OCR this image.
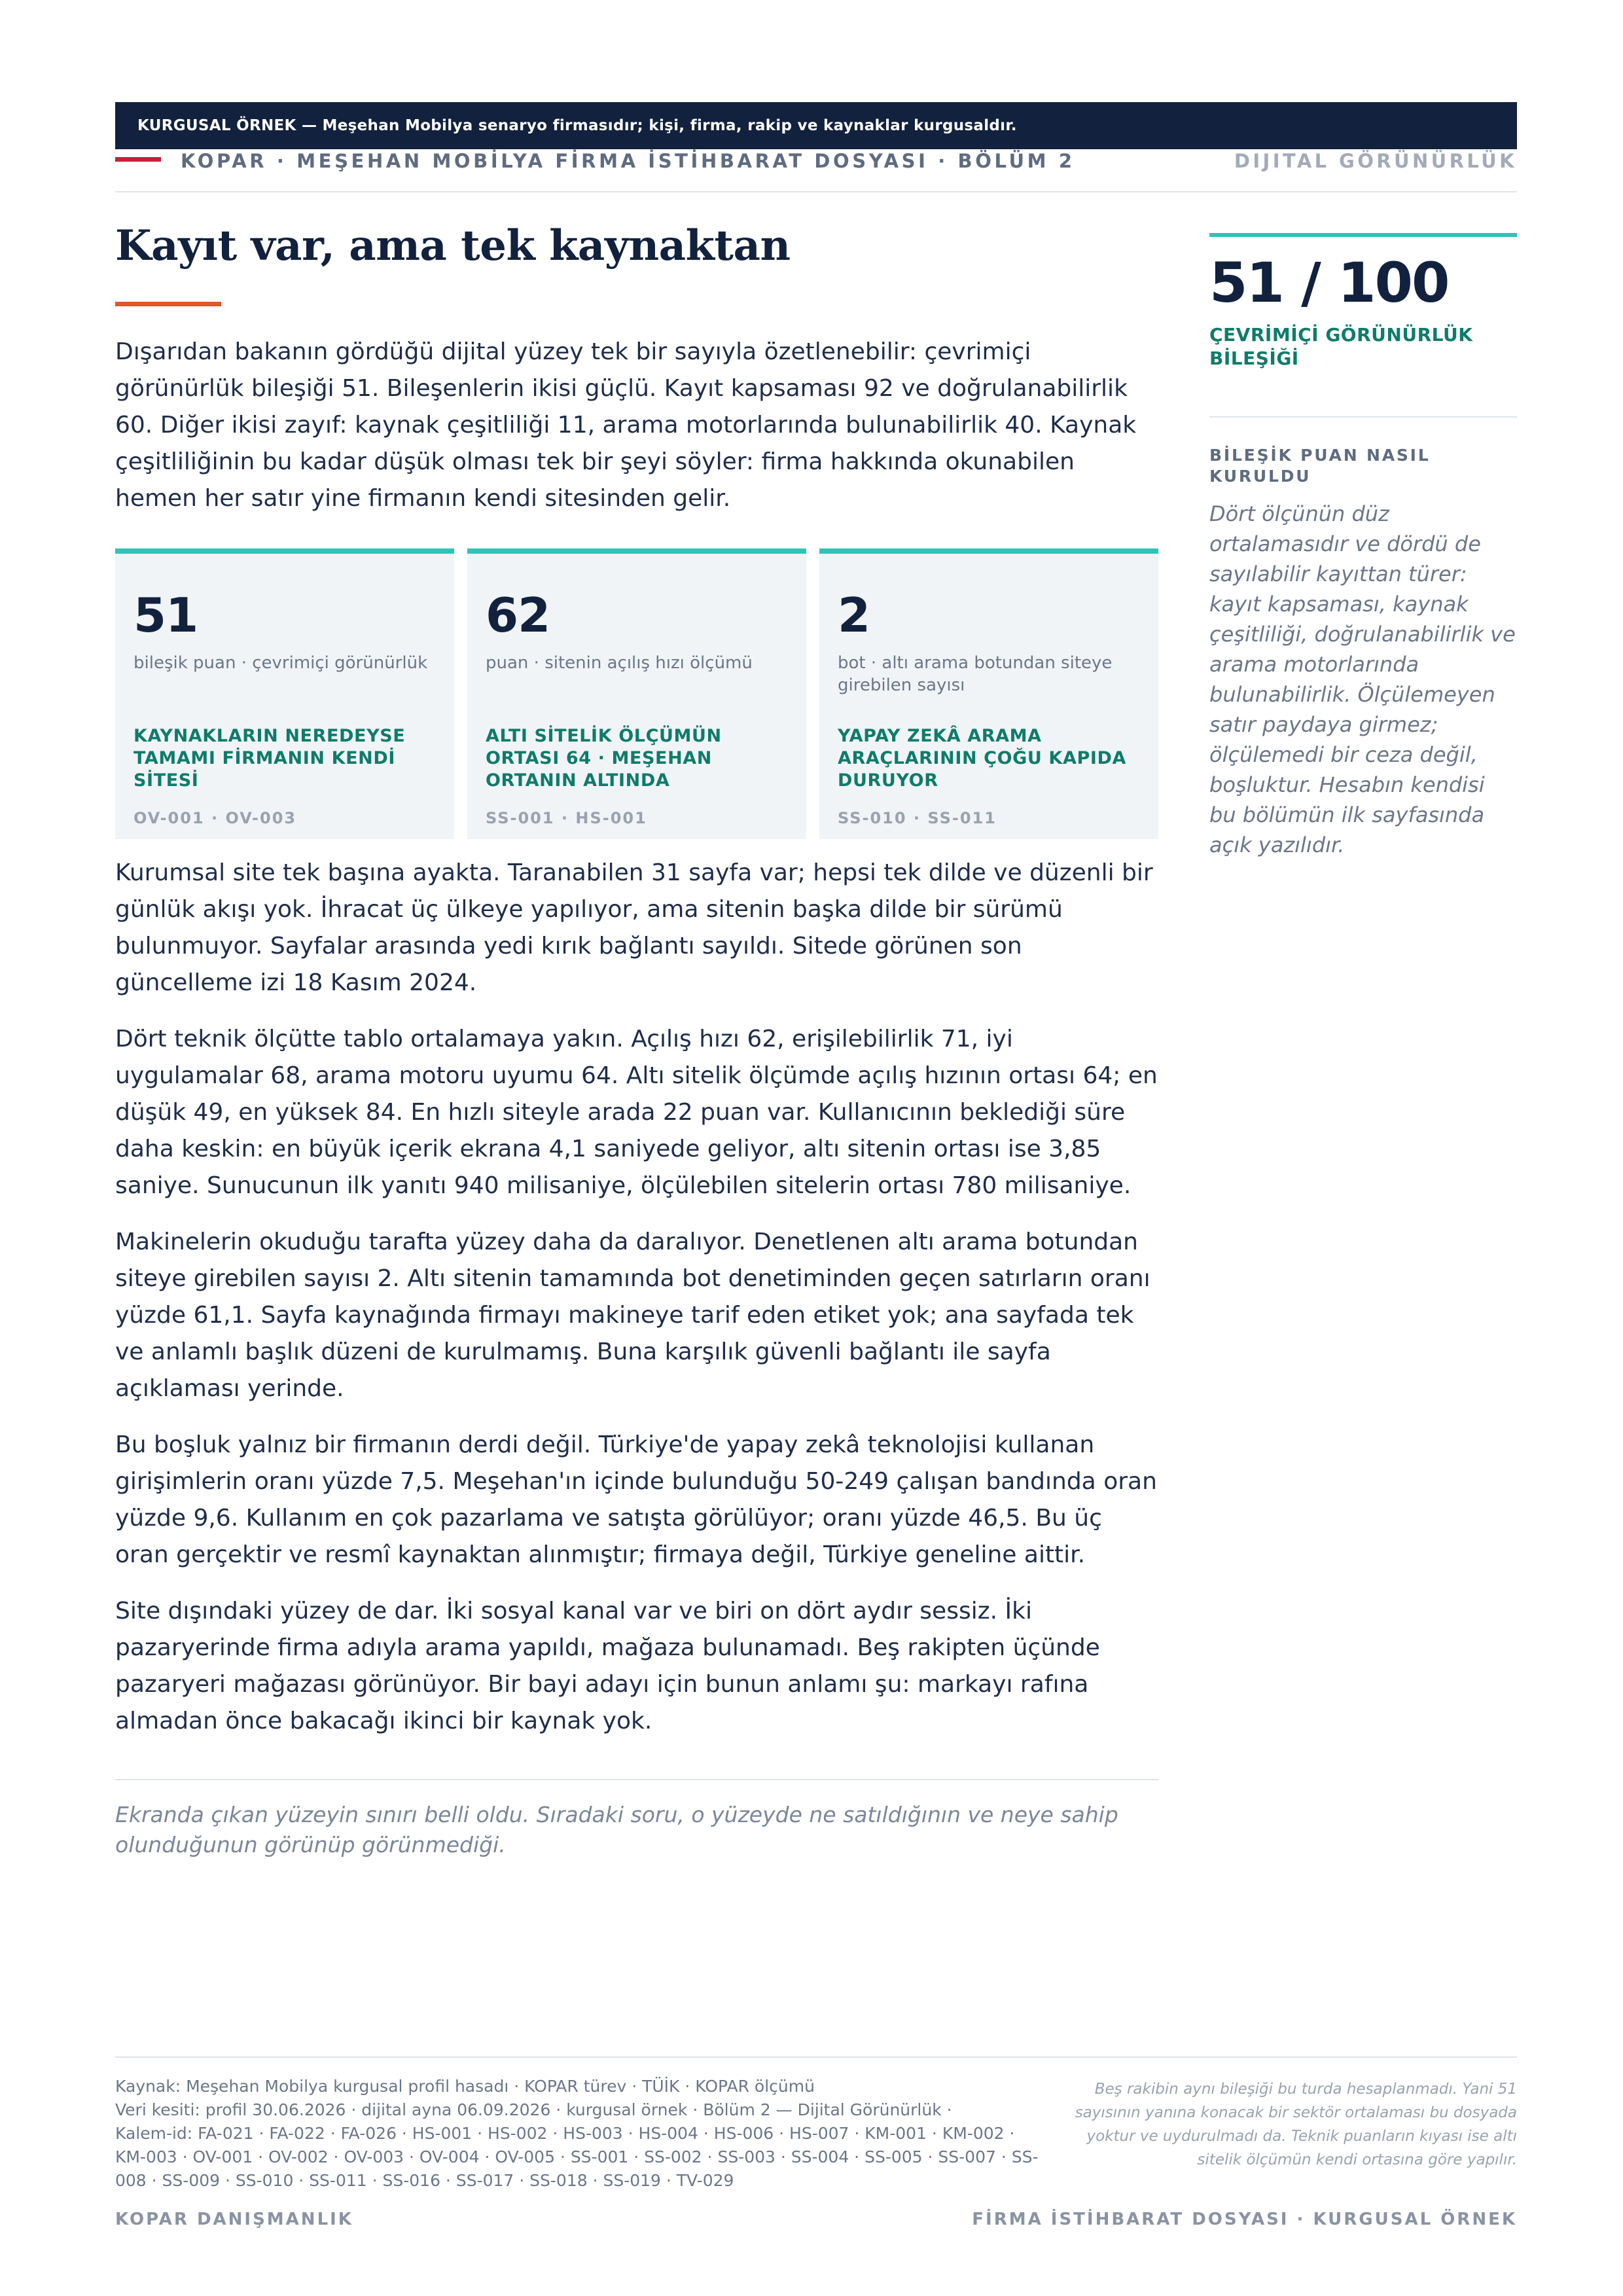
KURGUSAL ÖRNEK — Meşehan Mobilya senaryo firmasıdır; kişi, firma, rakip ve kaynaklar kurgusaldır.
KOPAR · MEŞEHAN MOBİLYA FİRMA İSTİHBARAT DOSYASI · BÖLÜM 2	DIJITAL GÖRÜNÜRLÜK
Kayıt var, ama tek kaynaktan

Dışarıdan bakanın gördüğü dijital yüzey tek bir sayıyla özetlenebilir: çevrimiçi görünürlük bileşiği 51. Bileşenlerin ikisi güçlü. Kayıt kapsaması 92 ve doğrulanabilirlik 60. Diğer ikisi zayıf: kaynak çeşitliliği 11, arama motorlarında bulunabilirlik 40. Kaynak çeşitliliğinin bu kadar düşük olması tek bir şeyi söyler: firma hakkında okunabilen hemen her satır yine firmanın kendi sitesinden gelir.

51
bileşik puan · çevrimiçi görünürlük
KAYNAKLARIN NEREDEYSE TAMAMI FİRMANIN KENDİ SİTESİ
OV-001 · OV-003
62
puan · sitenin açılış hızı ölçümü
ALTI SİTELİK ÖLÇÜMÜN ORTASI 64 · MEŞEHAN ORTANIN ALTINDA
SS-001 · HS-001
2
bot · altı arama botundan siteye girebilen sayısı
YAPAY ZEKÂ ARAMA ARAÇLARININ ÇOĞU KAPIDA DURUYOR
SS-010 · SS-011

Kurumsal site tek başına ayakta. Taranabilen 31 sayfa var; hepsi tek dilde ve düzenli bir günlük akışı yok. İhracat üç ülkeye yapılıyor, ama sitenin başka dilde bir sürümü bulunmuyor. Sayfalar arasında yedi kırık bağlantı sayıldı. Sitede görünen son güncelleme izi 18 Kasım 2024.

Dört teknik ölçütte tablo ortalamaya yakın. Açılış hızı 62, erişilebilirlik 71, iyi uygulamalar 68, arama motoru uyumu 64. Altı sitelik ölçümde açılış hızının ortası 64; en düşük 49, en yüksek 84. En hızlı siteyle arada 22 puan var. Kullanıcının beklediği süre daha keskin: en büyük içerik ekrana 4,1 saniyede geliyor, altı sitenin ortası ise 3,85 saniye. Sunucunun ilk yanıtı 940 milisaniye, ölçülebilen sitelerin ortası 780 milisaniye.

Makinelerin okuduğu tarafta yüzey daha da daralıyor. Denetlenen altı arama botundan siteye girebilen sayısı 2. Altı sitenin tamamında bot denetiminden geçen satırların oranı yüzde 61,1. Sayfa kaynağında firmayı makineye tarif eden etiket yok; ana sayfada tek ve anlamlı başlık düzeni de kurulmamış. Buna karşılık güvenli bağlantı ile sayfa açıklaması yerinde.

Bu boşluk yalnız bir firmanın derdi değil. Türkiye'de yapay zekâ teknolojisi kullanan girişimlerin oranı yüzde 7,5. Meşehan'ın içinde bulunduğu 50-249 çalışan bandında oran yüzde 9,6. Kullanım en çok pazarlama ve satışta görülüyor; oranı yüzde 46,5. Bu üç oran gerçektir ve resmî kaynaktan alınmıştır; firmaya değil, Türkiye geneline aittir.

Site dışındaki yüzey de dar. İki sosyal kanal var ve biri on dört aydır sessiz. İki pazaryerinde firma adıyla arama yapıldı, mağaza bulunamadı. Beş rakipten üçünde pazaryeri mağazası görünüyor. Bir bayi adayı için bunun anlamı şu: markayı rafına almadan önce bakacağı ikinci bir kaynak yok.

Ekranda çıkan yüzeyin sınırı belli oldu. Sıradaki soru, o yüzeyde ne satıldığının ve neye sahip olunduğunun görünüp görünmediği.

51 / 100
ÇEVRİMİÇİ GÖRÜNÜRLÜK BİLEŞİĞİ
BİLEŞİK PUAN NASIL KURULDU

Dört ölçünün düz ortalamasıdır ve dördü de sayılabilir kayıttan türer: kayıt kapsaması, kaynak çeşitliliği, doğrulanabilirlik ve arama motorlarında bulunabilirlik. Ölçülemeyen satır paydaya girmez; ölçülemedi bir ceza değil, boşluktur. Hesabın kendisi bu bölümün ilk sayfasında açık yazılıdır.

Kaynak: Meşehan Mobilya kurgusal profil hasadı · KOPAR türev · TÜİK · KOPAR ölçümü
Veri kesiti: profil 30.06.2026 · dijital ayna 06.09.2026 · kurgusal örnek · Bölüm 2 — Dijital Görünürlük ·
Kalem-id: FA-021 · FA-022 · FA-026 · HS-001 · HS-002 · HS-003 · HS-004 · HS-006 · HS-007 · KM-001 · KM-002 · KM-003 · OV-001 · OV-002 · OV-003 · OV-004 · OV-005 · SS-001 · SS-002 · SS-003 · SS-004 · SS-005 · SS-007 · SS-008 · SS-009 · SS-010 · SS-011 · SS-016 · SS-017 · SS-018 · SS-019 · TV-029
Beş rakibin aynı bileşiği bu turda hesaplanmadı. Yani 51 sayısının yanına konacak bir sektör ortalaması bu dosyada yoktur ve uydurulmadı da. Teknik puanların kıyası ise altı sitelik ölçümün kendi ortasına göre yapılır.
KOPAR DANIŞMANLIK	FİRMA İSTİHBARAT DOSYASI · KURGUSAL ÖRNEK
